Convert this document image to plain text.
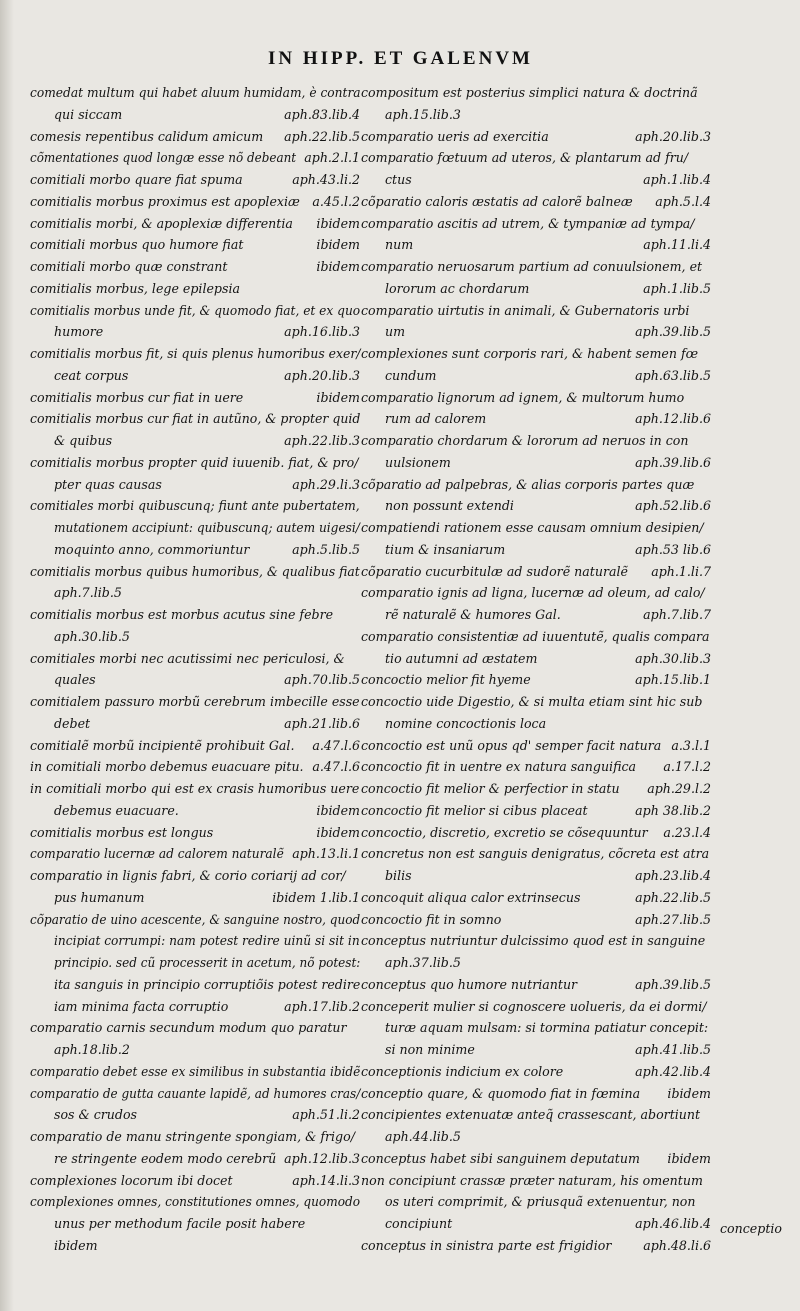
IN HIPP. ET GALENVM
comedat multum qui habet aluum humidam, è contra
qui siccam	aph.83.lib.4
comesis repentibus calidum amicum aph.22.lib.5
cõmentationes quod longæ esse nõ debeant aph.2.l.1
comitiali morbo quare fiat spuma	aph.43.li.2
comitialis morbus proximus est apoplexiæ a.45.l.2
comitialis morbi, & apoplexiæ differentia ibidem
comitiali morbus quo humore fiat	ibidem
comitiali morbo quæ constrant	ibidem
comitialis morbus, lege epilepsia
comitialis morbus unde fit, & quomodo fiat, et ex quo
humore	aph.16.lib.3
comitialis morbus fit, si quis plenus humoribus exer/
ceat corpus	aph.20.lib.3
comitialis morbus cur fiat in uere	ibidem
comitialis morbus cur fiat in autũno, & propter quid
& quibus	aph.22.lib.3
comitialis morbus propter quid iuuenib. fiat, & pro/
pter quas causas	aph.29.li.3
comitiales morbi quibuscunq; fiunt ante pubertatem,
mutationem accipiunt: quibuscunq; autem uigesi/
moquinto anno, commoriuntur	aph.5.lib.5
comitialis morbus quibus humoribus, & qualibus fiat
aph.7.lib.5
comitialis morbus est morbus acutus sine febre
aph.30.lib.5
comitiales morbi nec acutissimi nec periculosi, &
quales	aph.70.lib.5
comitialem passuro morbũ cerebrum imbecille esse
debet	aph.21.lib.6
comitialẽ morbũ incipientẽ prohibuit Gal. a.47.l.6
in comitiali morbo debemus euacuare pitu. a.47.l.6
in comitiali morbo qui est ex crasis humoribus uere
debemus euacuare.	ibidem
comitialis morbus est longus	ibidem
comparatio lucernæ ad calorem naturalẽ aph.13.li.1
comparatio in lignis fabri, & corio coriarij ad cor/
pus humanum	ibidem 1.lib.1
cõparatio de uino acescente, & sanguine nostro, quod
incipiat corrumpi: nam potest redire uinũ si sit in
principio. sed cũ processerit in acetum, nõ potest:
ita sanguis in principio corruptiõis potest redire
iam minima facta corruptio	aph.17.lib.2
comparatio carnis secundum modum quo paratur
aph.18.lib.2
comparatio debet esse ex similibus in substantia ibidẽ
comparatio de gutta cauante lapidẽ, ad humores cras/
sos & crudos	aph.51.li.2
comparatio de manu stringente spongiam, & frigo/
re stringente eodem modo cerebrũ aph.12.lib.3
complexiones locorum ibi docet	aph.14.li.3
complexiones omnes, constitutiones omnes, quomodo
unus per methodum facile posit habere
ibidem
compositum est posterius simplici natura & doctrinã
aph.15.lib.3
comparatio ueris ad exercitia	aph.20.lib.3
comparatio fœtuum ad uteros, & plantarum ad fru/
ctus	aph.1.lib.4
cõparatio caloris æstatis ad calorẽ balneæ aph.5.l.4
comparatio ascitis ad utrem, & tympaniæ ad tympa/
num	aph.11.li.4
comparatio neruosarum partium ad conuulsionem, et
lororum ac chordarum	aph.1.lib.5
comparatio uirtutis in animali, & Gubernatoris urbi
um	aph.39.lib.5
complexiones sunt corporis rari, & habent semen fœ
cundum	aph.63.lib.5
comparatio lignorum ad ignem, & multorum humo
rum ad calorem	aph.12.lib.6
comparatio chordarum & lororum ad neruos in con
uulsionem	aph.39.lib.6
cõparatio ad palpebras, & alias corporis partes quæ
non possunt extendi	aph.52.lib.6
compatiendi rationem esse causam omnium desipien/
tium & insaniarum	aph.53 lib.6
cõparatio cucurbitulæ ad sudorẽ naturalẽ aph.1.li.7
comparatio ignis ad ligna, lucernæ ad oleum, ad calo/
rẽ naturalẽ & humores Gal.	aph.7.lib.7
comparatio consistentiæ ad iuuentutẽ, qualis compara
tio autumni ad æstatem	aph.30.lib.3
concoctio melior fit hyeme	aph.15.lib.1
concoctio uide Digestio, & si multa etiam sint hic sub
nomine concoctionis loca
concoctio est unũ opus qd' semper facit natura a.3.l.1
concoctio fit in uentre ex natura sanguifica a.17.l.2
concoctio fit melior & perfectior in statu aph.29.l.2
concoctio fit melior si cibus placeat	aph 38.lib.2
concoctio, discretio, excretio se cõsequuntur a.23.l.4
concretus non est sanguis denigratus, cõcreta est atra
bilis	aph.23.lib.4
concoquit aliqua calor extrinsecus	aph.22.lib.5
concoctio fit in somno	aph.27.lib.5
conceptus nutriuntur dulcissimo quod est in sanguine
aph.37.lib.5
conceptus quo humore nutriantur	aph.39.lib.5
conceperit mulier si cognoscere uolueris, da ei dormi/
turæ aquam mulsam: si tormina patiatur concepit:
si non minime	aph.41.lib.5
conceptionis indicium ex colore	aph.42.lib.4
conceptio quare, & quomodo fiat in fœmina ibidem
concipientes extenuatæ anteq̃ crassescant, abortiunt
aph.44.lib.5
conceptus habet sibi sanguinem deputatum ibidem
non concipiunt crassæ præter naturam, his omentum
os uteri comprimit, & priusquã extenuentur, non
concipiunt	aph.46.lib.4
conceptus in sinistra parte est frigidior	aph.48.li.6
conceptio
